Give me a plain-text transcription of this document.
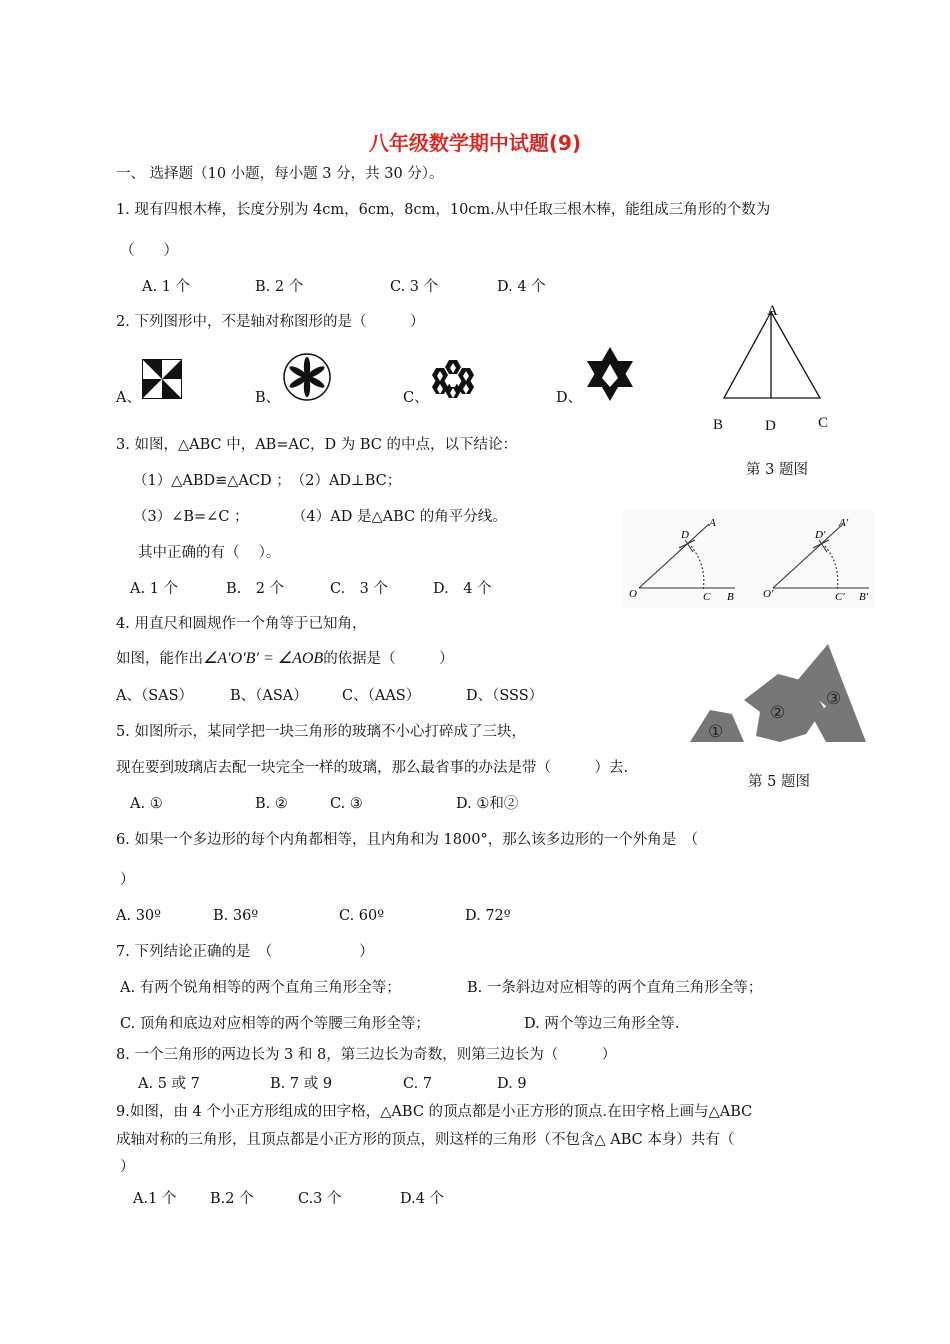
八年级数学期中试题(9)
一、 选择题（10 小题，每小题 3 分，共 30 分）。
1. 现有四根木棒，长度分别为 4cm，6cm，8cm，10cm.从中任取三根木棒，能组成三角形的个数为
（　　）
A. 1 个	B. 2 个	C. 3 个	D. 4 个
2. 下列图形中，不是轴对称图形的是（　　　）
A、	B、	C、	D、
A
B	D	C
第 3 题图
3. 如图，△ABC 中，AB=AC，D 为 BC 的中点，以下结论：
（1）△ABD≌△ACD ；　（2）AD⊥BC；
（3）∠B=∠C ；　　　　（4）AD 是△ABC 的角平分线。
其中正确的有（　 ）。
A. 1 个	B.　2 个	C.　3 个	D.　4 个	O
A
B
C
D
O′
A′
B′
C′
D′
4. 用直尺和圆规作一个角等于已知角，
如图，能作出∠A′O′B′ = ∠AOB的依据是（　　　）
A、（SAS）	B、（ASA） C、（AAS）	D、（SSS）
①
②
③
第 5 题图
5. 如图所示，某同学把一块三角形的玻璃不小心打碎成了三块，
现在要到玻璃店去配一块完全一样的玻璃，那么最省事的办法是带（　　　）去.
A. ①	B. ②	C. ③	D. ①和②
6. 如果一个多边形的每个内角都相等，且内角和为 1800°，那么该多边形的一个外角是　（
）
A. 30º	B. 36º	C. 60º	D. 72º
7. 下列结论正确的是　（　　　　　　）
A. 有两个锐角相等的两个直角三角形全等；	B. 一条斜边对应相等的两个直角三角形全等；
C. 顶角和底边对应相等的两个等腰三角形全等；	D. 两个等边三角形全等.
8. 一个三角形的两边长为 3 和 8，第三边长为奇数，则第三边长为（　　　）
A. 5 或 7	B. 7 或 9	C. 7	D. 9
9.如图，由 4 个小正方形组成的田字格，△ABC 的顶点都是小正方形的顶点.在田字格上画与△ABC
成轴对称的三角形，且顶点都是小正方形的顶点，则这样的三角形（不包含△ ABC 本身）共有（
）
A.1 个 B.2 个	C.3 个	D.4 个
